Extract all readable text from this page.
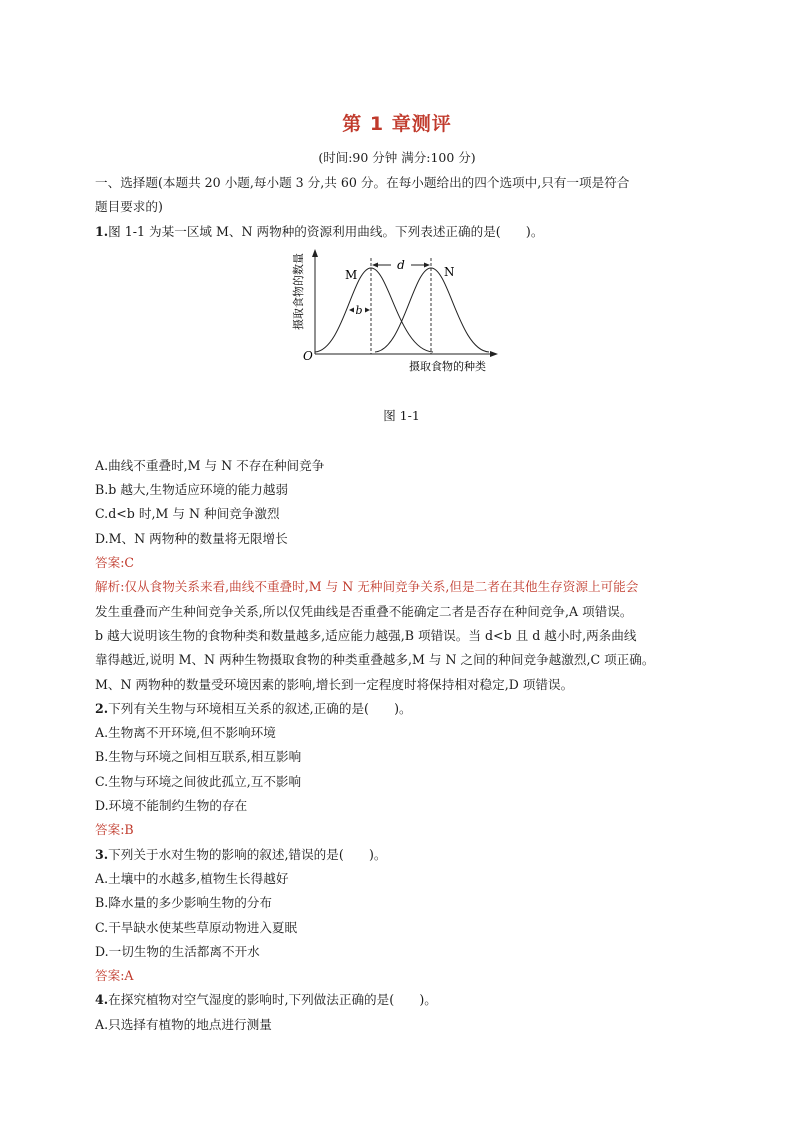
第 1 章测评
(时间:90 分钟 满分:100 分)
一、选择题(本题共 20 小题,每小题 3 分,共 60 分。在每小题给出的四个选项中,只有一项是符合
题目要求的)
1.图 1-1 为某一区域 M、N 两物种的资源利用曲线。下列表述正确的是(　　)。
d
b
M	N
O
摄取食物的种类
摄取食物的数量
图 1-1
A.曲线不重叠时,M 与 N 不存在种间竞争
B.b 越大,生物适应环境的能力越弱
C.d<b 时,M 与 N 种间竞争激烈
D.M、N 两物种的数量将无限增长
答案:C
解析:仅从食物关系来看,曲线不重叠时,M 与 N 无种间竞争关系,但是二者在其他生存资源上可能会
发生重叠而产生种间竞争关系,所以仅凭曲线是否重叠不能确定二者是否存在种间竞争,A 项错误。
b 越大说明该生物的食物种类和数量越多,适应能力越强,B 项错误。当 d<b 且 d 越小时,两条曲线
靠得越近,说明 M、N 两种生物摄取食物的种类重叠越多,M 与 N 之间的种间竞争越激烈,C 项正确。
M、N 两物种的数量受环境因素的影响,增长到一定程度时将保持相对稳定,D 项错误。
2.下列有关生物与环境相互关系的叙述,正确的是(　　)。
A.生物离不开环境,但不影响环境
B.生物与环境之间相互联系,相互影响
C.生物与环境之间彼此孤立,互不影响
D.环境不能制约生物的存在
答案:B
3.下列关于水对生物的影响的叙述,错误的是(　　)。
A.土壤中的水越多,植物生长得越好
B.降水量的多少影响生物的分布
C.干旱缺水使某些草原动物进入夏眠
D.一切生物的生活都离不开水
答案:A
4.在探究植物对空气湿度的影响时,下列做法正确的是(　　)。
A.只选择有植物的地点进行测量
